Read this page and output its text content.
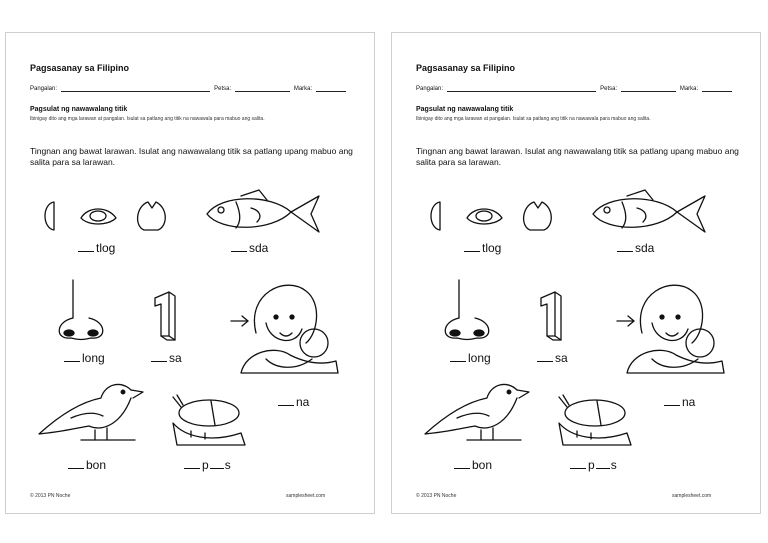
Pagsasanay sa Filipino
Pangalan:	Petsa:	Marka:
Pagsulat ng nawawalang titik
Ibinigay dito ang mga larawan at pangalan. Isulat sa patlang ang titik na nawawala para mabuo ang salita.
Tingnan ang bawat larawan. Isulat ang nawawalang titik sa patlang upang mabuo ang salita para sa larawan.
tlog	sda
long	sa
na
bon	p s
© 2013 PN Noche	samplesheet.com
Pagsasanay sa Filipino
Pangalan:	Petsa:	Marka:
Pagsulat ng nawawalang titik
Ibinigay dito ang mga larawan at pangalan. Isulat sa patlang ang titik na nawawala para mabuo ang salita.
Tingnan ang bawat larawan. Isulat ang nawawalang titik sa patlang upang mabuo ang salita para sa larawan.
tlog	sda
long	sa
na
bon	p s
© 2013 PN Noche	samplesheet.com
